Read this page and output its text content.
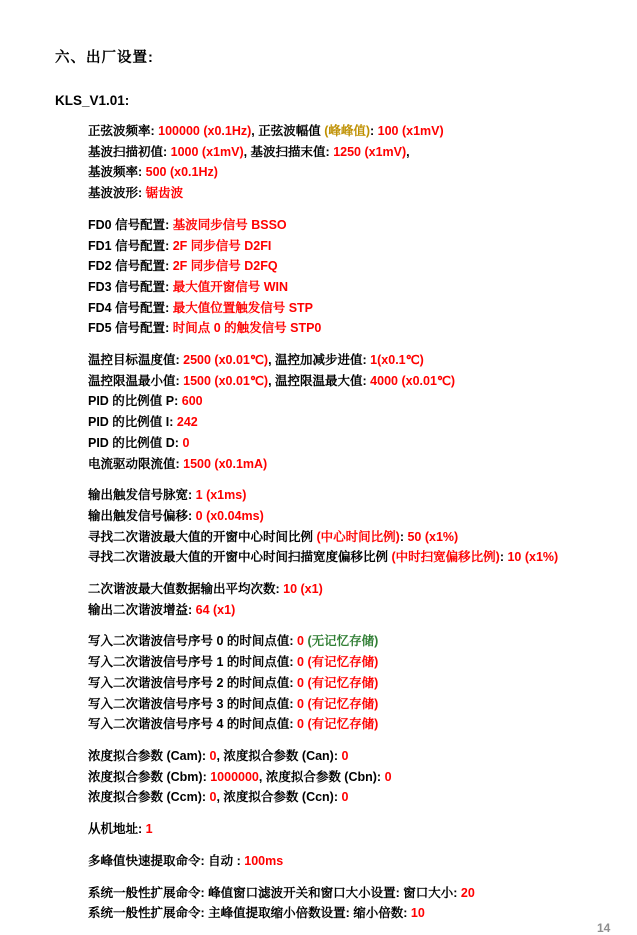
六、出厂设置:
KLS_V1.01:
正弦波频率: 100000 (x0.1Hz), 正弦波幅值 (峰峰值): 100 (x1mV)
基波扫描初值: 1000 (x1mV), 基波扫描末值: 1250 (x1mV),
基波频率: 500 (x0.1Hz)
基波波形: 锯齿波
FD0 信号配置: 基波同步信号 BSSO
FD1 信号配置: 2F 同步信号 D2FI
FD2 信号配置: 2F 同步信号 D2FQ
FD3 信号配置: 最大值开窗信号 WIN
FD4 信号配置: 最大值位置触发信号 STP
FD5 信号配置: 时间点 0 的触发信号 STP0
温控目标温度值: 2500 (x0.01℃), 温控加减步进值: 1(x0.1℃)
温控限温最小值: 1500 (x0.01℃), 温控限温最大值: 4000 (x0.01℃)
PID 的比例值 P: 600
PID 的比例值 I: 242
PID 的比例值 D: 0
电流驱动限流值: 1500 (x0.1mA)
输出触发信号脉宽: 1 (x1ms)
输出触发信号偏移: 0 (x0.04ms)
寻找二次谐波最大值的开窗中心时间比例 (中心时间比例): 50 (x1%)
寻找二次谐波最大值的开窗中心时间扫描宽度偏移比例 (中时扫宽偏移比例): 10 (x1%)
二次谐波最大值数据输出平均次数: 10 (x1)
输出二次谐波增益: 64 (x1)
写入二次谐波信号序号 0 的时间点值: 0 (无记忆存储)
写入二次谐波信号序号 1 的时间点值: 0 (有记忆存储)
写入二次谐波信号序号 2 的时间点值: 0 (有记忆存储)
写入二次谐波信号序号 3 的时间点值: 0 (有记忆存储)
写入二次谐波信号序号 4 的时间点值: 0 (有记忆存储)
浓度拟合参数 (Cam): 0, 浓度拟合参数 (Can): 0
浓度拟合参数 (Cbm): 1000000, 浓度拟合参数 (Cbn): 0
浓度拟合参数 (Ccm): 0, 浓度拟合参数 (Ccn): 0
从机地址: 1
多峰值快速提取命令: 自动 : 100ms
系统一般性扩展命令: 峰值窗口滤波开关和窗口大小设置: 窗口大小: 20
系统一般性扩展命令: 主峰值提取缩小倍数设置: 缩小倍数: 10
14
